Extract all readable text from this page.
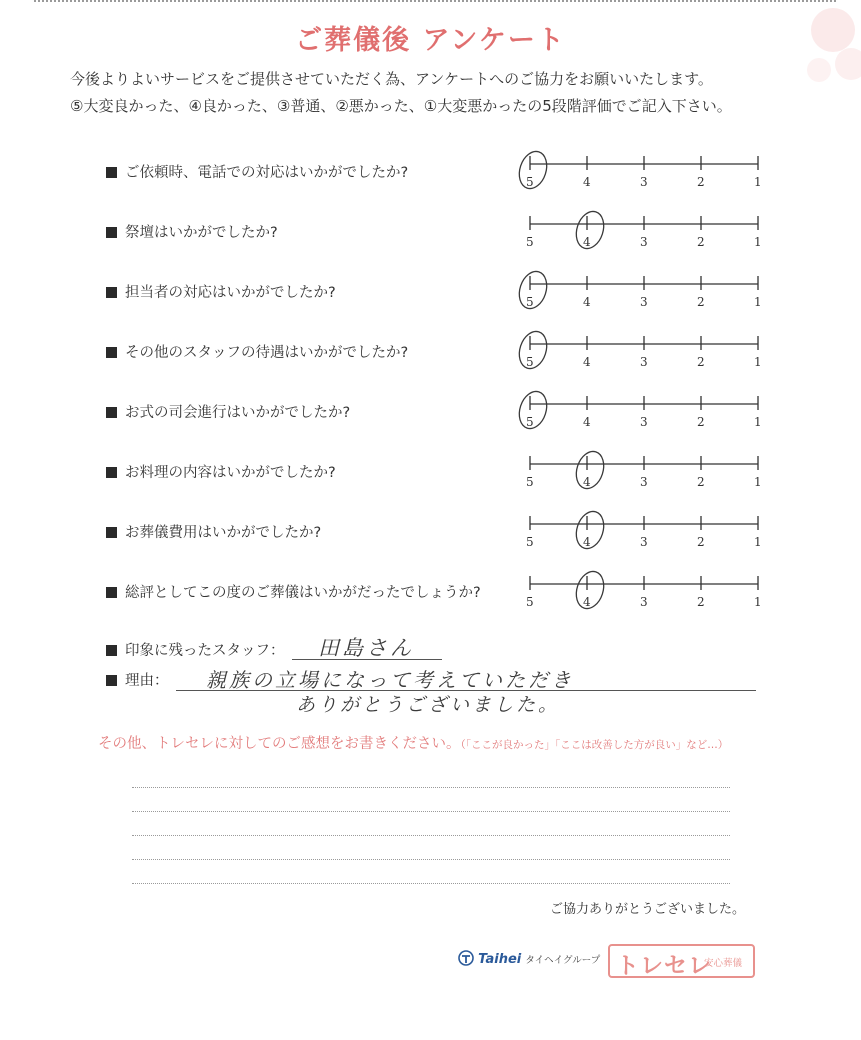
ご葬儀後 アンケート
今後よりよいサービスをご提供させていただく為、アンケートへのご協力をお願いいたします。
⑤大変良かった、④良かった、③普通、②悪かった、①大変悪かったの5段階評価でご記入下さい。
ご依頼時、電話での対応はいかがでしたか?
5	4	3	2	1
祭壇はいかがでしたか?
5	4	3	2	1
担当者の対応はいかがでしたか?
5	4	3	2	1
その他のスタッフの待遇はいかがでしたか?
5	4	3	2	1
お式の司会進行はいかがでしたか?
5	4	3	2	1
お料理の内容はいかがでしたか?
5	4	3	2	1
お葬儀費用はいかがでしたか?
5	4	3	2	1
総評としてこの度のご葬儀はいかがだったでしょうか?
5	4	3	2	1
印象に残ったスタッフ： 田島さん
理由： 親族の立場になって考えていただき
ありがとうございました。
その他、トレセレに対してのご感想をお書きください。（「ここが良かった」「ここは改善した方が良い」など…）
ご協力ありがとうございました。
Taihei タイヘイグループ トレセレ
安心葬儀
